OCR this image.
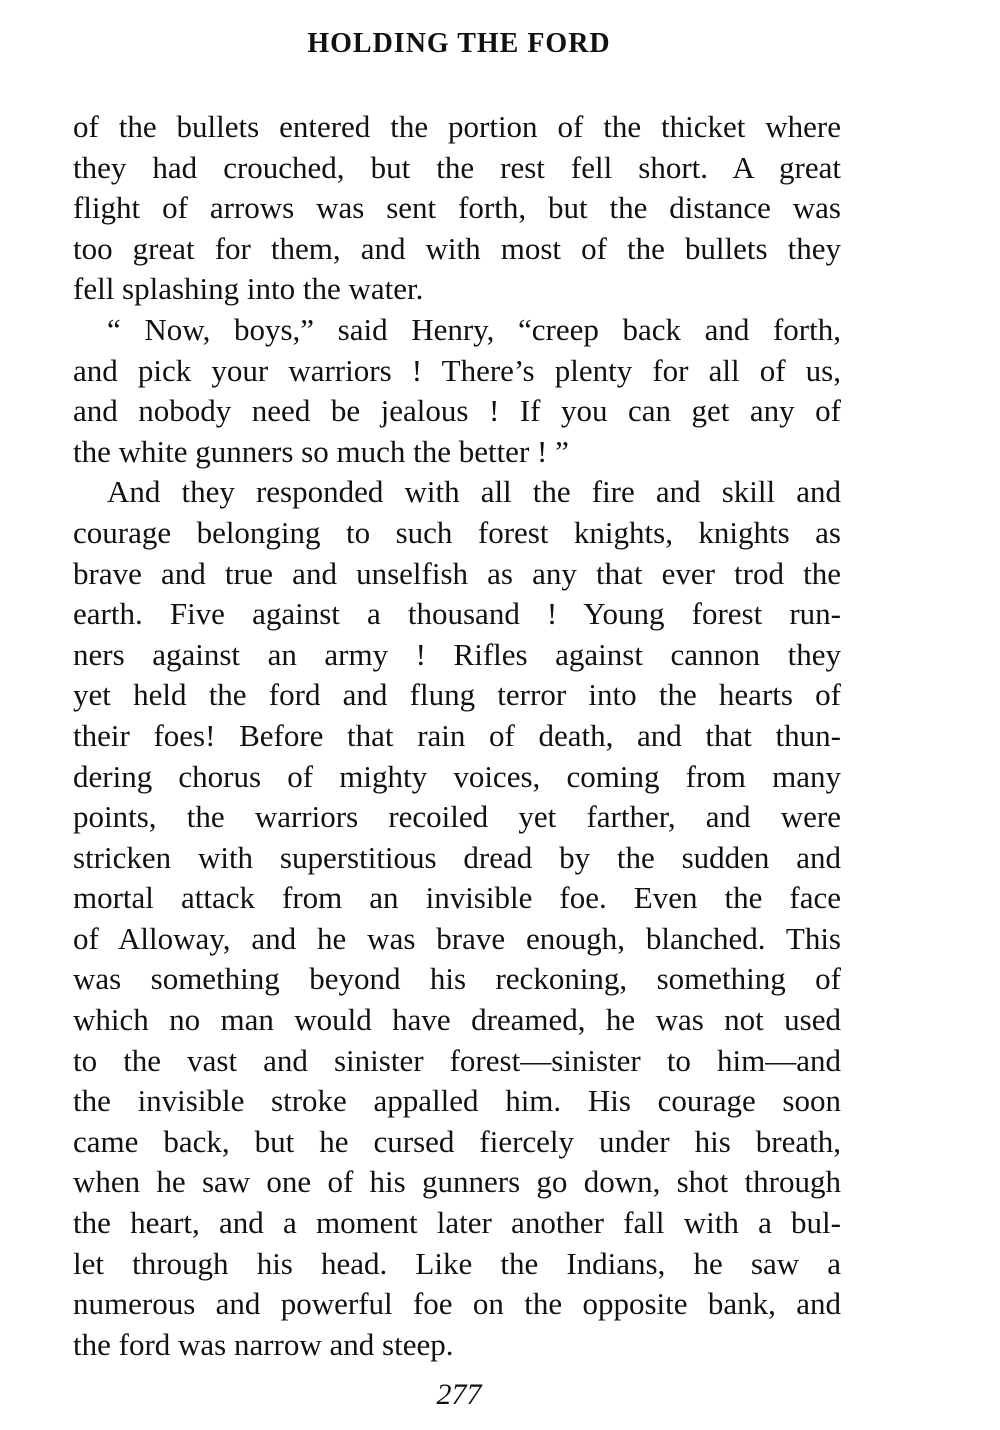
HOLDING THE FORD
of the bullets entered the portion of the thicket where
they had crouched, but the rest fell short. A great
flight of arrows was sent forth, but the distance was
too great for them, and with most of the bullets they
fell splashing into the water.
“ Now, boys,” said Henry, “creep back and forth,
and pick your warriors ! There’s plenty for all of us,
and nobody need be jealous ! If you can get any of
the white gunners so much the better ! ”
And they responded with all the fire and skill and
courage belonging to such forest knights, knights as
brave and true and unselfish as any that ever trod the
earth. Five against a thousand ! Young forest run-
ners against an army ! Rifles against cannon they
yet held the ford and flung terror into the hearts of
their foes! Before that rain of death, and that thun-
dering chorus of mighty voices, coming from many
points, the warriors recoiled yet farther, and were
stricken with superstitious dread by the sudden and
mortal attack from an invisible foe. Even the face
of Alloway, and he was brave enough, blanched. This
was something beyond his reckoning, something of
which no man would have dreamed, he was not used
to the vast and sinister forest—sinister to him—and
the invisible stroke appalled him. His courage soon
came back, but he cursed fiercely under his breath,
when he saw one of his gunners go down, shot through
the heart, and a moment later another fall with a bul-
let through his head. Like the Indians, he saw a
numerous and powerful foe on the opposite bank, and
the ford was narrow and steep.
277
